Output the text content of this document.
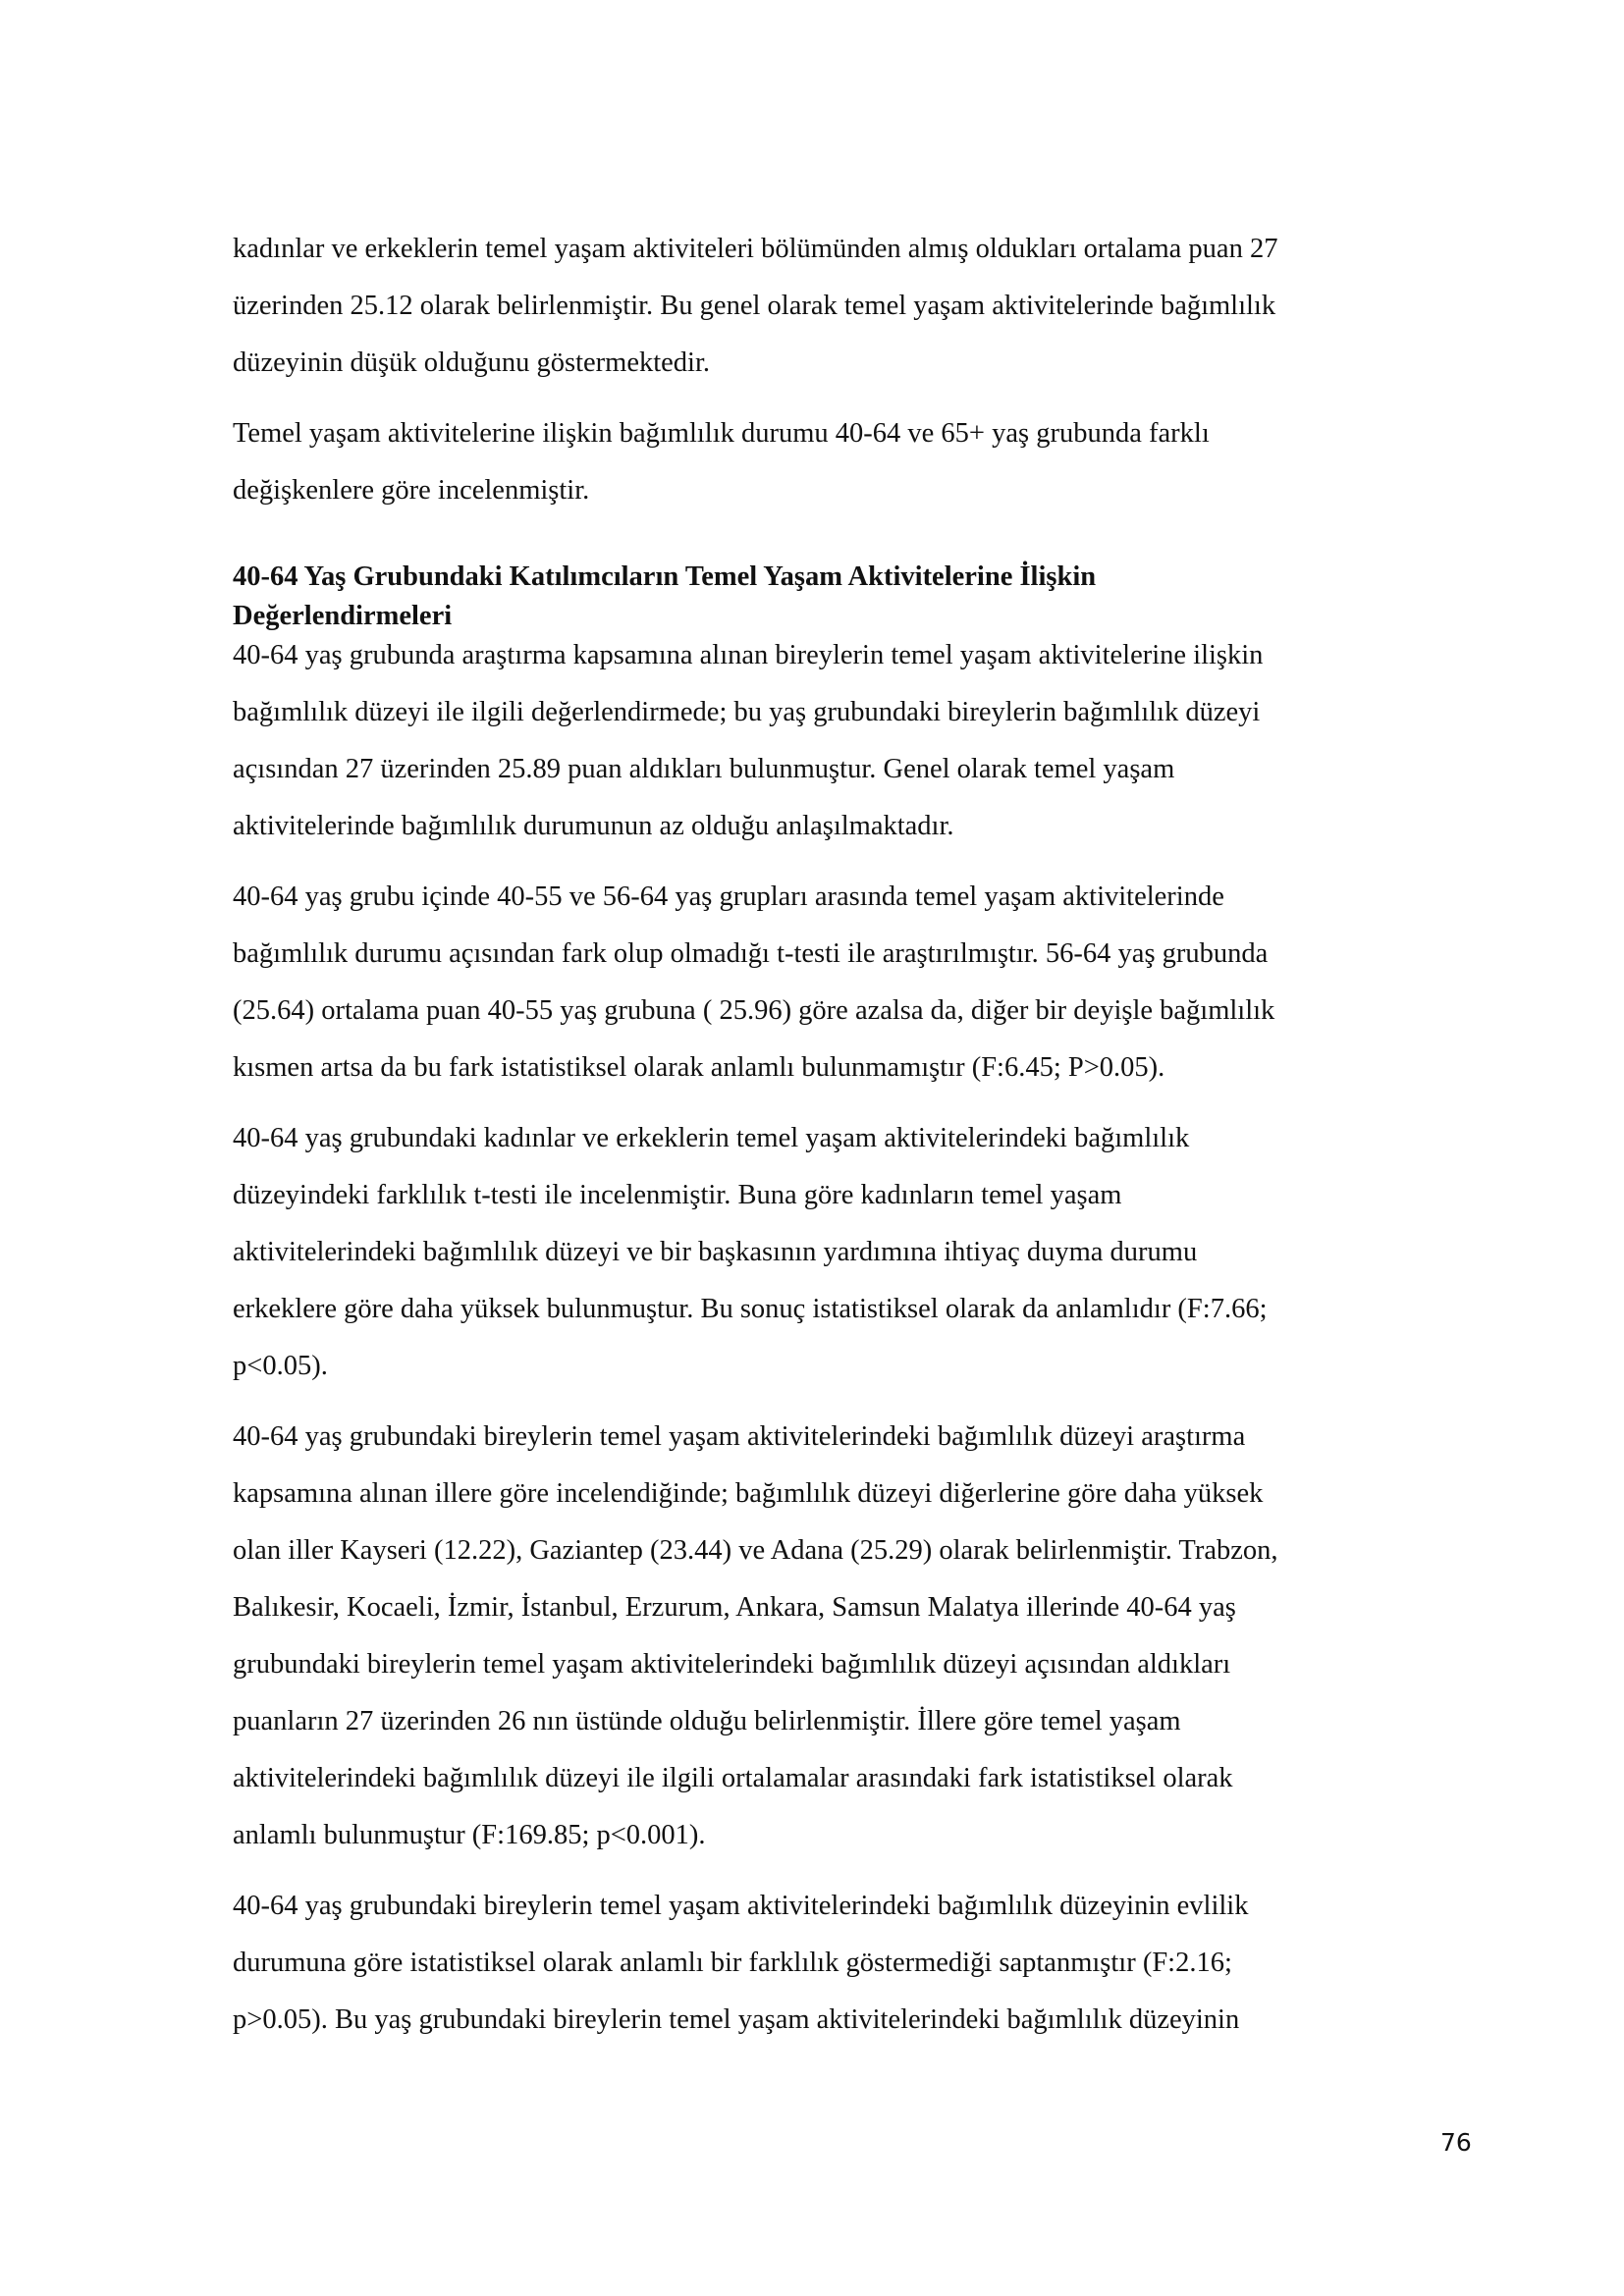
kadınlar ve erkeklerin temel yaşam aktiviteleri bölümünden almış oldukları ortalama puan 27
üzerinden 25.12 olarak belirlenmiştir. Bu genel olarak temel yaşam aktivitelerinde bağımlılık
düzeyinin düşük olduğunu göstermektedir.
Temel yaşam aktivitelerine ilişkin bağımlılık durumu 40-64 ve 65+ yaş grubunda farklı
değişkenlere göre incelenmiştir.
40-64 Yaş Grubundaki Katılımcıların Temel Yaşam Aktivitelerine İlişkin
Değerlendirmeleri
40-64 yaş grubunda araştırma kapsamına alınan bireylerin temel yaşam aktivitelerine ilişkin
bağımlılık düzeyi ile ilgili değerlendirmede; bu yaş grubundaki bireylerin bağımlılık düzeyi
açısından 27 üzerinden 25.89 puan aldıkları bulunmuştur. Genel olarak temel yaşam
aktivitelerinde bağımlılık durumunun az olduğu anlaşılmaktadır.
40-64 yaş grubu içinde 40-55 ve 56-64 yaş grupları arasında temel yaşam aktivitelerinde
bağımlılık durumu açısından fark olup olmadığı t-testi ile araştırılmıştır. 56-64 yaş grubunda
(25.64) ortalama puan 40-55 yaş grubuna ( 25.96) göre azalsa da, diğer bir deyişle bağımlılık
kısmen artsa da bu fark istatistiksel olarak anlamlı bulunmamıştır (F:6.45; P>0.05).
40-64 yaş grubundaki kadınlar ve erkeklerin temel yaşam aktivitelerindeki bağımlılık
düzeyindeki farklılık t-testi ile incelenmiştir. Buna göre kadınların temel yaşam
aktivitelerindeki bağımlılık düzeyi ve bir başkasının yardımına ihtiyaç duyma durumu
erkeklere göre daha yüksek bulunmuştur. Bu sonuç istatistiksel olarak da anlamlıdır (F:7.66;
p<0.05).
40-64 yaş grubundaki bireylerin temel yaşam aktivitelerindeki bağımlılık düzeyi araştırma
kapsamına alınan illere göre incelendiğinde; bağımlılık düzeyi diğerlerine göre daha yüksek
olan iller Kayseri (12.22), Gaziantep (23.44) ve Adana (25.29) olarak belirlenmiştir. Trabzon,
Balıkesir, Kocaeli, İzmir, İstanbul, Erzurum, Ankara, Samsun Malatya illerinde 40-64 yaş
grubundaki bireylerin temel yaşam aktivitelerindeki bağımlılık düzeyi açısından aldıkları
puanların 27 üzerinden 26 nın üstünde olduğu belirlenmiştir. İllere göre temel yaşam
aktivitelerindeki bağımlılık düzeyi ile ilgili ortalamalar arasındaki fark istatistiksel olarak
anlamlı bulunmuştur (F:169.85; p<0.001).
40-64 yaş grubundaki bireylerin temel yaşam aktivitelerindeki bağımlılık düzeyinin evlilik
durumuna göre istatistiksel olarak anlamlı bir farklılık göstermediği saptanmıştır (F:2.16;
p>0.05). Bu yaş grubundaki bireylerin temel yaşam aktivitelerindeki bağımlılık düzeyinin
76
